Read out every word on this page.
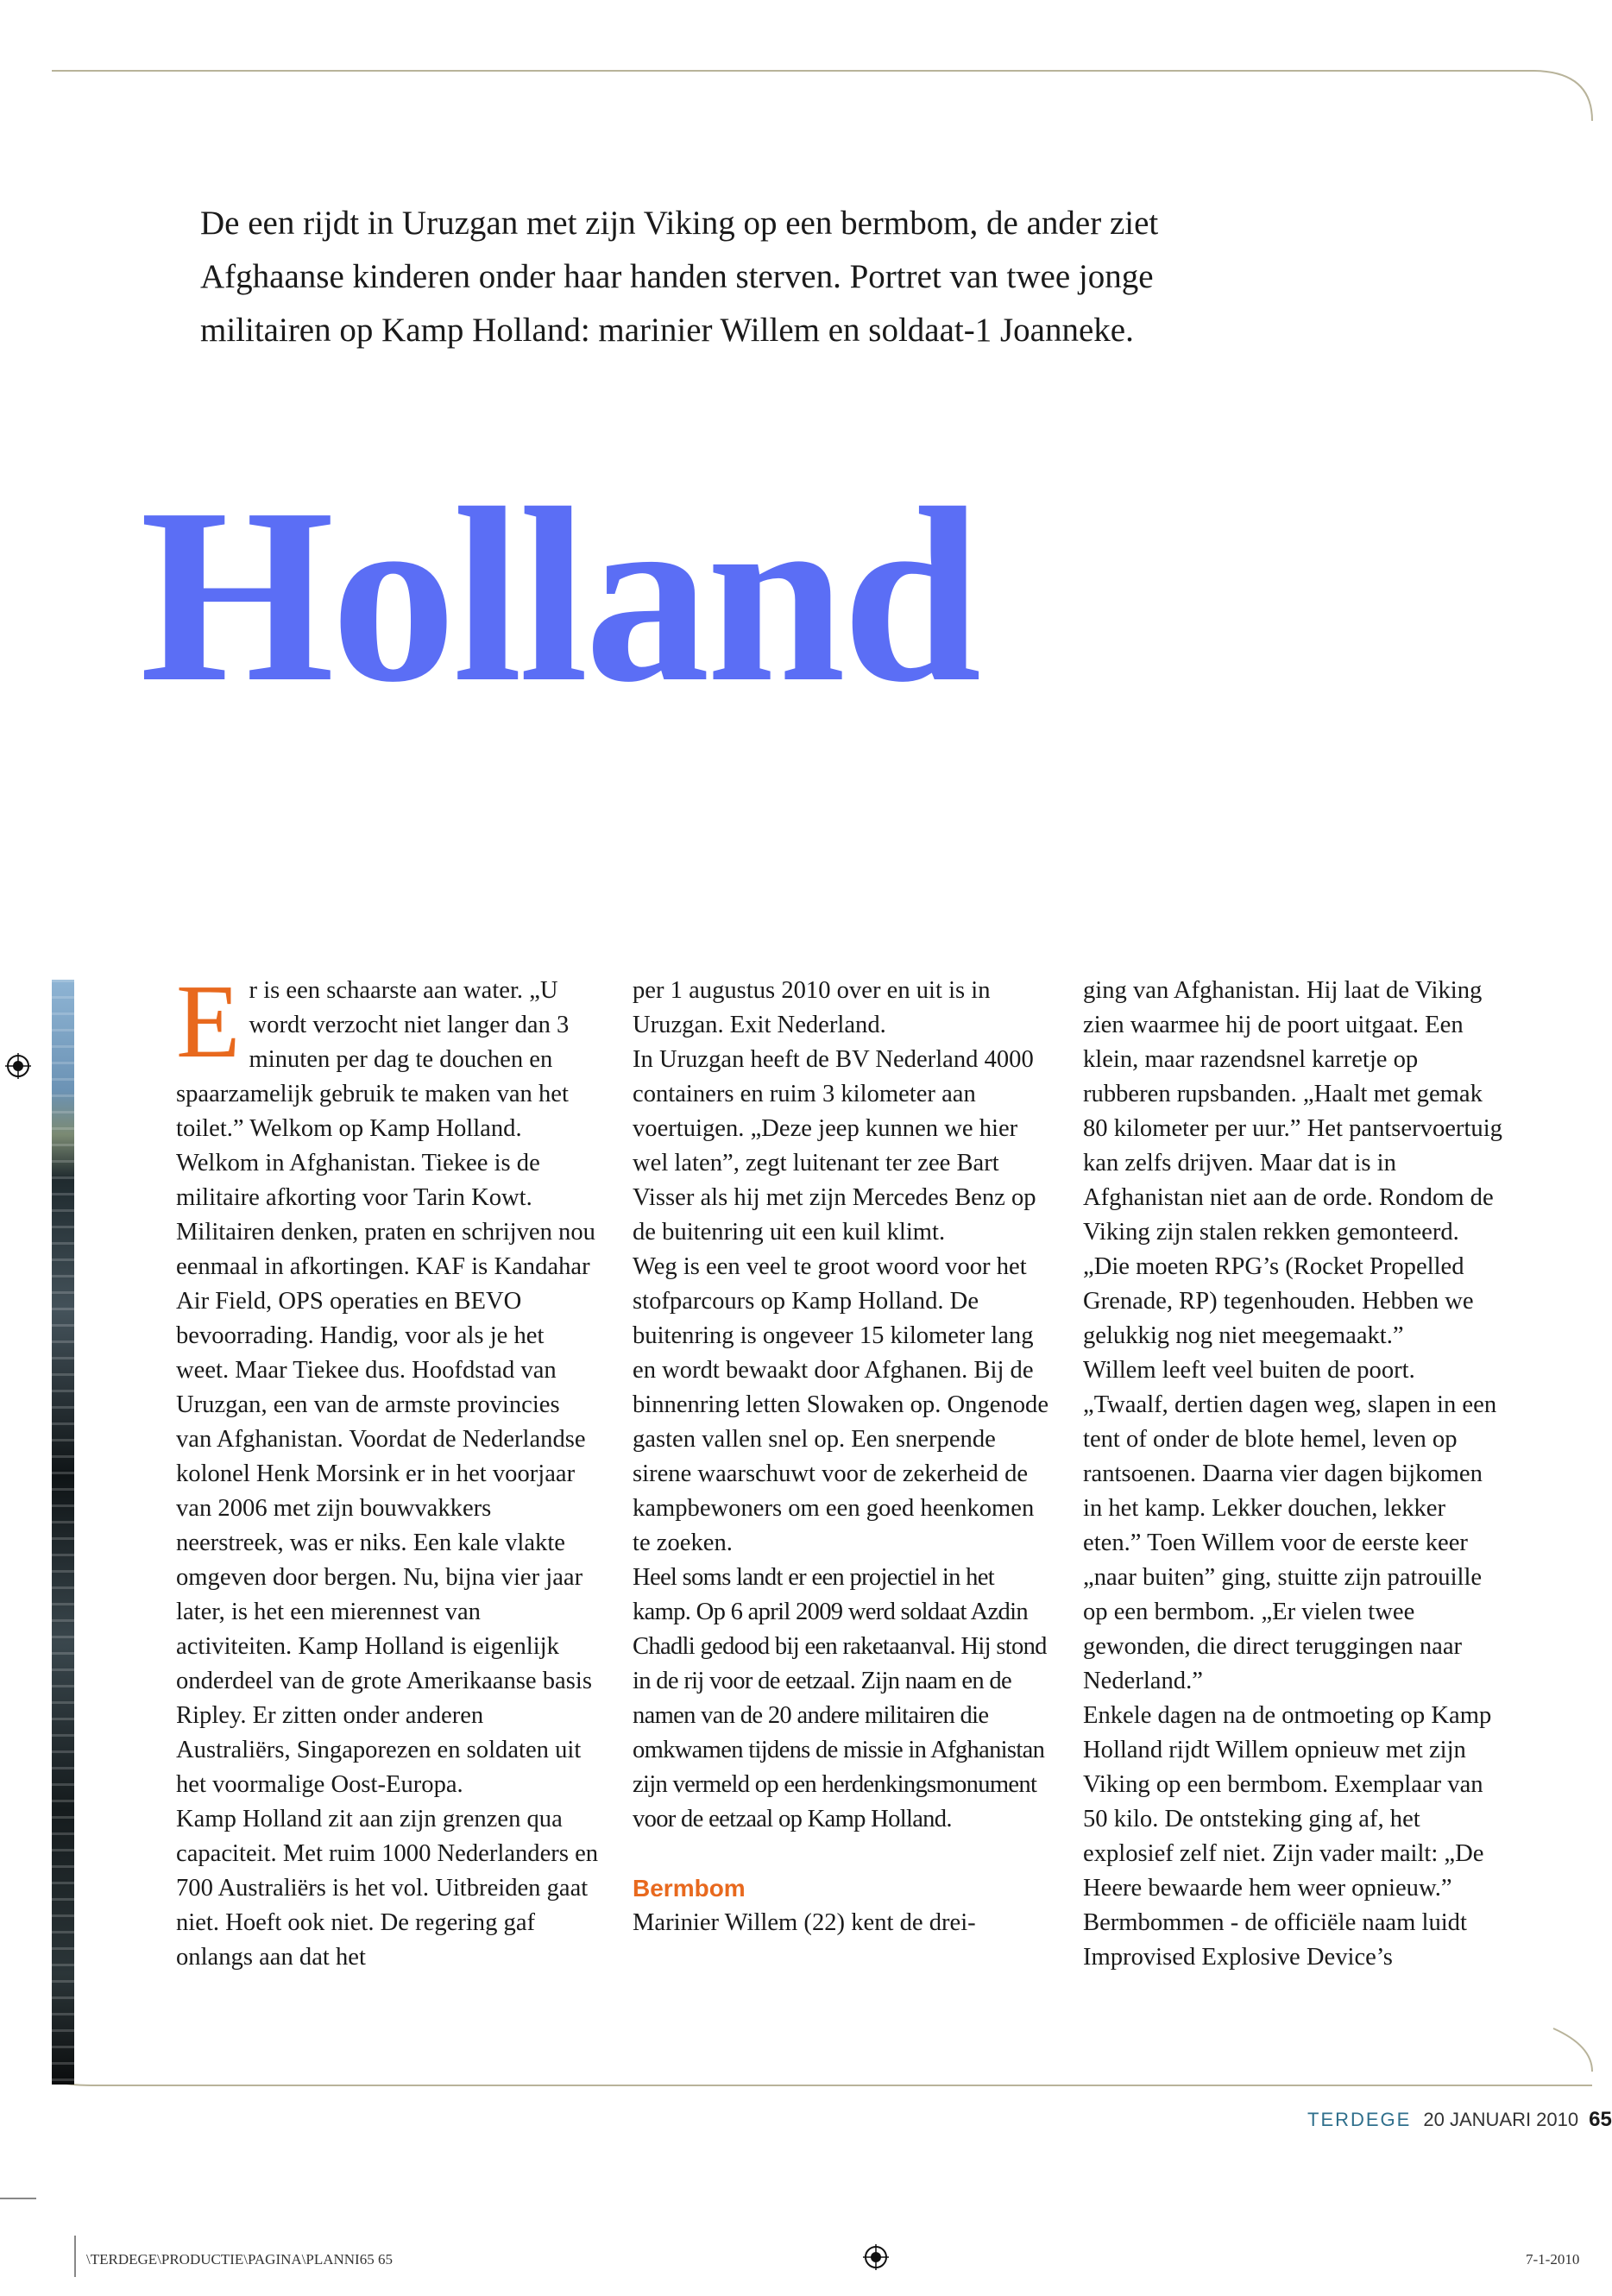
De een rijdt in Uruzgan met zijn Viking op een bermbom, de ander ziet Afghaanse kinderen onder haar handen sterven. Portret van twee jonge militairen op Kamp Holland: marinier Willem en soldaat-1 Joanneke.

Holland

Er is een schaarste aan water. „U wordt verzocht niet langer dan 3 minuten per dag te douchen en spaarzamelijk gebruik te maken van het toilet.” Welkom op Kamp Holland. Welkom in Afghanistan. Tiekee is de militaire afkorting voor Tarin Kowt. Militairen denken, praten en schrijven nou eenmaal in afkortingen. KAF is Kandahar Air Field, OPS operaties en BEVO bevoorrading. Handig, voor als je het weet. Maar Tiekee dus. Hoofdstad van Uruzgan, een van de armste provincies van Afghanistan. Voordat de Nederlandse kolonel Henk Morsink er in het voorjaar van 2006 met zijn bouwvakkers neerstreek, was er niks. Een kale vlakte omgeven door bergen. Nu, bijna vier jaar later, is het een mierennest van activiteiten. Kamp Holland is eigenlijk onderdeel van de grote Amerikaanse basis Ripley. Er zitten onder anderen Australiërs, Singaporezen en soldaten uit het voormalige Oost-Europa.

Kamp Holland zit aan zijn grenzen qua capaciteit. Met ruim 1000 Nederlanders en 700 Australiërs is het vol. Uitbreiden gaat niet. Hoeft ook niet. De regering gaf onlangs aan dat het

per 1 augustus 2010 over en uit is in Uruzgan. Exit Nederland.

In Uruzgan heeft de BV Nederland 4000 containers en ruim 3 kilometer aan voertuigen. „Deze jeep kunnen we hier wel laten”, zegt luitenant ter zee Bart Visser als hij met zijn Mercedes Benz op de buitenring uit een kuil klimt.

Weg is een veel te groot woord voor het stofparcours op Kamp Holland. De buitenring is ongeveer 15 kilometer lang en wordt bewaakt door Afghanen. Bij de binnenring letten Slowaken op. Ongenode gasten vallen snel op. Een snerpende sirene waarschuwt voor de zekerheid de kampbewoners om een goed heenkomen te zoeken.

Heel soms landt er een projectiel in het kamp. Op 6 april 2009 werd soldaat Azdin Chadli gedood bij een raketaanval. Hij stond in de rij voor de eetzaal. Zijn naam en de namen van de 20 andere militairen die omkwamen tijdens de missie in Afghanistan zijn vermeld op een herdenkingsmonument voor de eetzaal op Kamp Holland.

Bermbom

Marinier Willem (22) kent de drei-

ging van Afghanistan. Hij laat de Viking zien waarmee hij de poort uitgaat. Een klein, maar razendsnel karretje op rubberen rupsbanden. „Haalt met gemak 80 kilometer per uur.” Het pantservoertuig kan zelfs drijven. Maar dat is in Afghanistan niet aan de orde. Rondom de Viking zijn stalen rekken gemonteerd. „Die moeten RPG’s (Rocket Propelled Grenade, RP) tegenhouden. Hebben we gelukkig nog niet meegemaakt.”

Willem leeft veel buiten de poort. „Twaalf, dertien dagen weg, slapen in een tent of onder de blote hemel, leven op rantsoenen. Daarna vier dagen bijkomen in het kamp. Lekker douchen, lekker eten.” Toen Willem voor de eerste keer „naar buiten” ging, stuitte zijn patrouille op een bermbom. „Er vielen twee gewonden, die direct teruggingen naar Nederland.”

Enkele dagen na de ontmoeting op Kamp Holland rijdt Willem opnieuw met zijn Viking op een bermbom. Exemplaar van 50 kilo. De ontsteking ging af, het explosief zelf niet. Zijn vader mailt: „De Heere bewaarde hem weer opnieuw.”

Bermbommen - de officiële naam luidt Improvised Explosive Device’s

TERDEGE 20 JANUARI 2010 65
\TERDEGE\PRODUCTIE\PAGINA\PLANNI65 65	7-1-2010
